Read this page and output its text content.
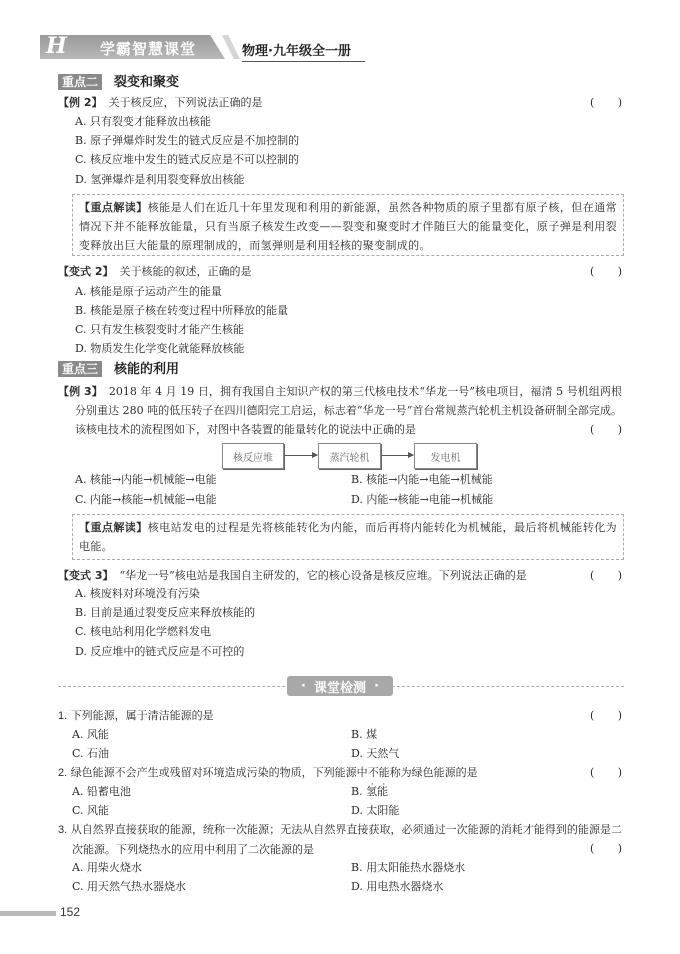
H 学霸智慧课堂	物理·九年级全一册
重点二 裂变和聚变
【例 2】 关于核反应，下列说法正确的是	( )
A. 只有裂变才能释放出核能
B. 原子弹爆炸时发生的链式反应是不加控制的
C. 核反应堆中发生的链式反应是不可以控制的
D. 氢弹爆炸是利用裂变释放出核能
【重点解读】核能是人们在近几十年里发现和利用的新能源，虽然各种物质的原子里都有原子核，但在通常情况下并不能释放能量，只有当原子核发生改变——裂变和聚变时才伴随巨大的能量变化，原子弹是利用裂变释放出巨大能量的原理制成的，而氢弹则是利用轻核的聚变制成的。
【变式 2】 关于核能的叙述，正确的是	( )
A. 核能是原子运动产生的能量
B. 核能是原子核在转变过程中所释放的能量
C. 只有发生核裂变时才能产生核能
D. 物质发生化学变化就能释放核能
重点三 核能的利用
【例 3】 2018 年 4 月 19 日，拥有我国自主知识产权的第三代核电技术“华龙一号”核电项目，福清 5 号机组两根分别重达 280 吨的低压转子在四川德阳完工启运，标志着“华龙一号”首台常规蒸汽轮机主机设备研制全部完成。该核电技术的流程图如下，对图中各装置的能量转化的说法中正确的是	( )
核反应堆	蒸汽轮机	发电机
A. 核能→内能→机械能→电能	B. 核能→内能→电能→机械能
C. 内能→核能→机械能→电能	D. 内能→核能→电能→机械能
【重点解读】核电站发电的过程是先将核能转化为内能，而后再将内能转化为机械能，最后将机械能转化为电能。
【变式 3】 “华龙一号”核电站是我国自主研发的，它的核心设备是核反应堆。下列说法正确的是	( )
A. 核废料对环境没有污染
B. 目前是通过裂变反应来释放核能的
C. 核电站利用化学燃料发电
D. 反应堆中的链式反应是不可控的
· 课堂检测 ·
1. 下列能源，属于清洁能源的是	( )
A. 风能	B. 煤
C. 石油	D. 天然气
2. 绿色能源不会产生或残留对环境造成污染的物质，下列能源中不能 · ·称为绿色能源的是	( )
A. 铅蓄电池	B. 氢能
C. 风能	D. 太阳能
3. 从自然界直接获取的能源，统称一次能源；无法从自然界直接获取，必须通过一次能源的消耗才能得到的能源是二次能源。下列烧热水的应用中利用了二次能源的是	( )
A. 用柴火烧水	B. 用太阳能热水器烧水
C. 用天然气热水器烧水	D. 用电热水器烧水
152
